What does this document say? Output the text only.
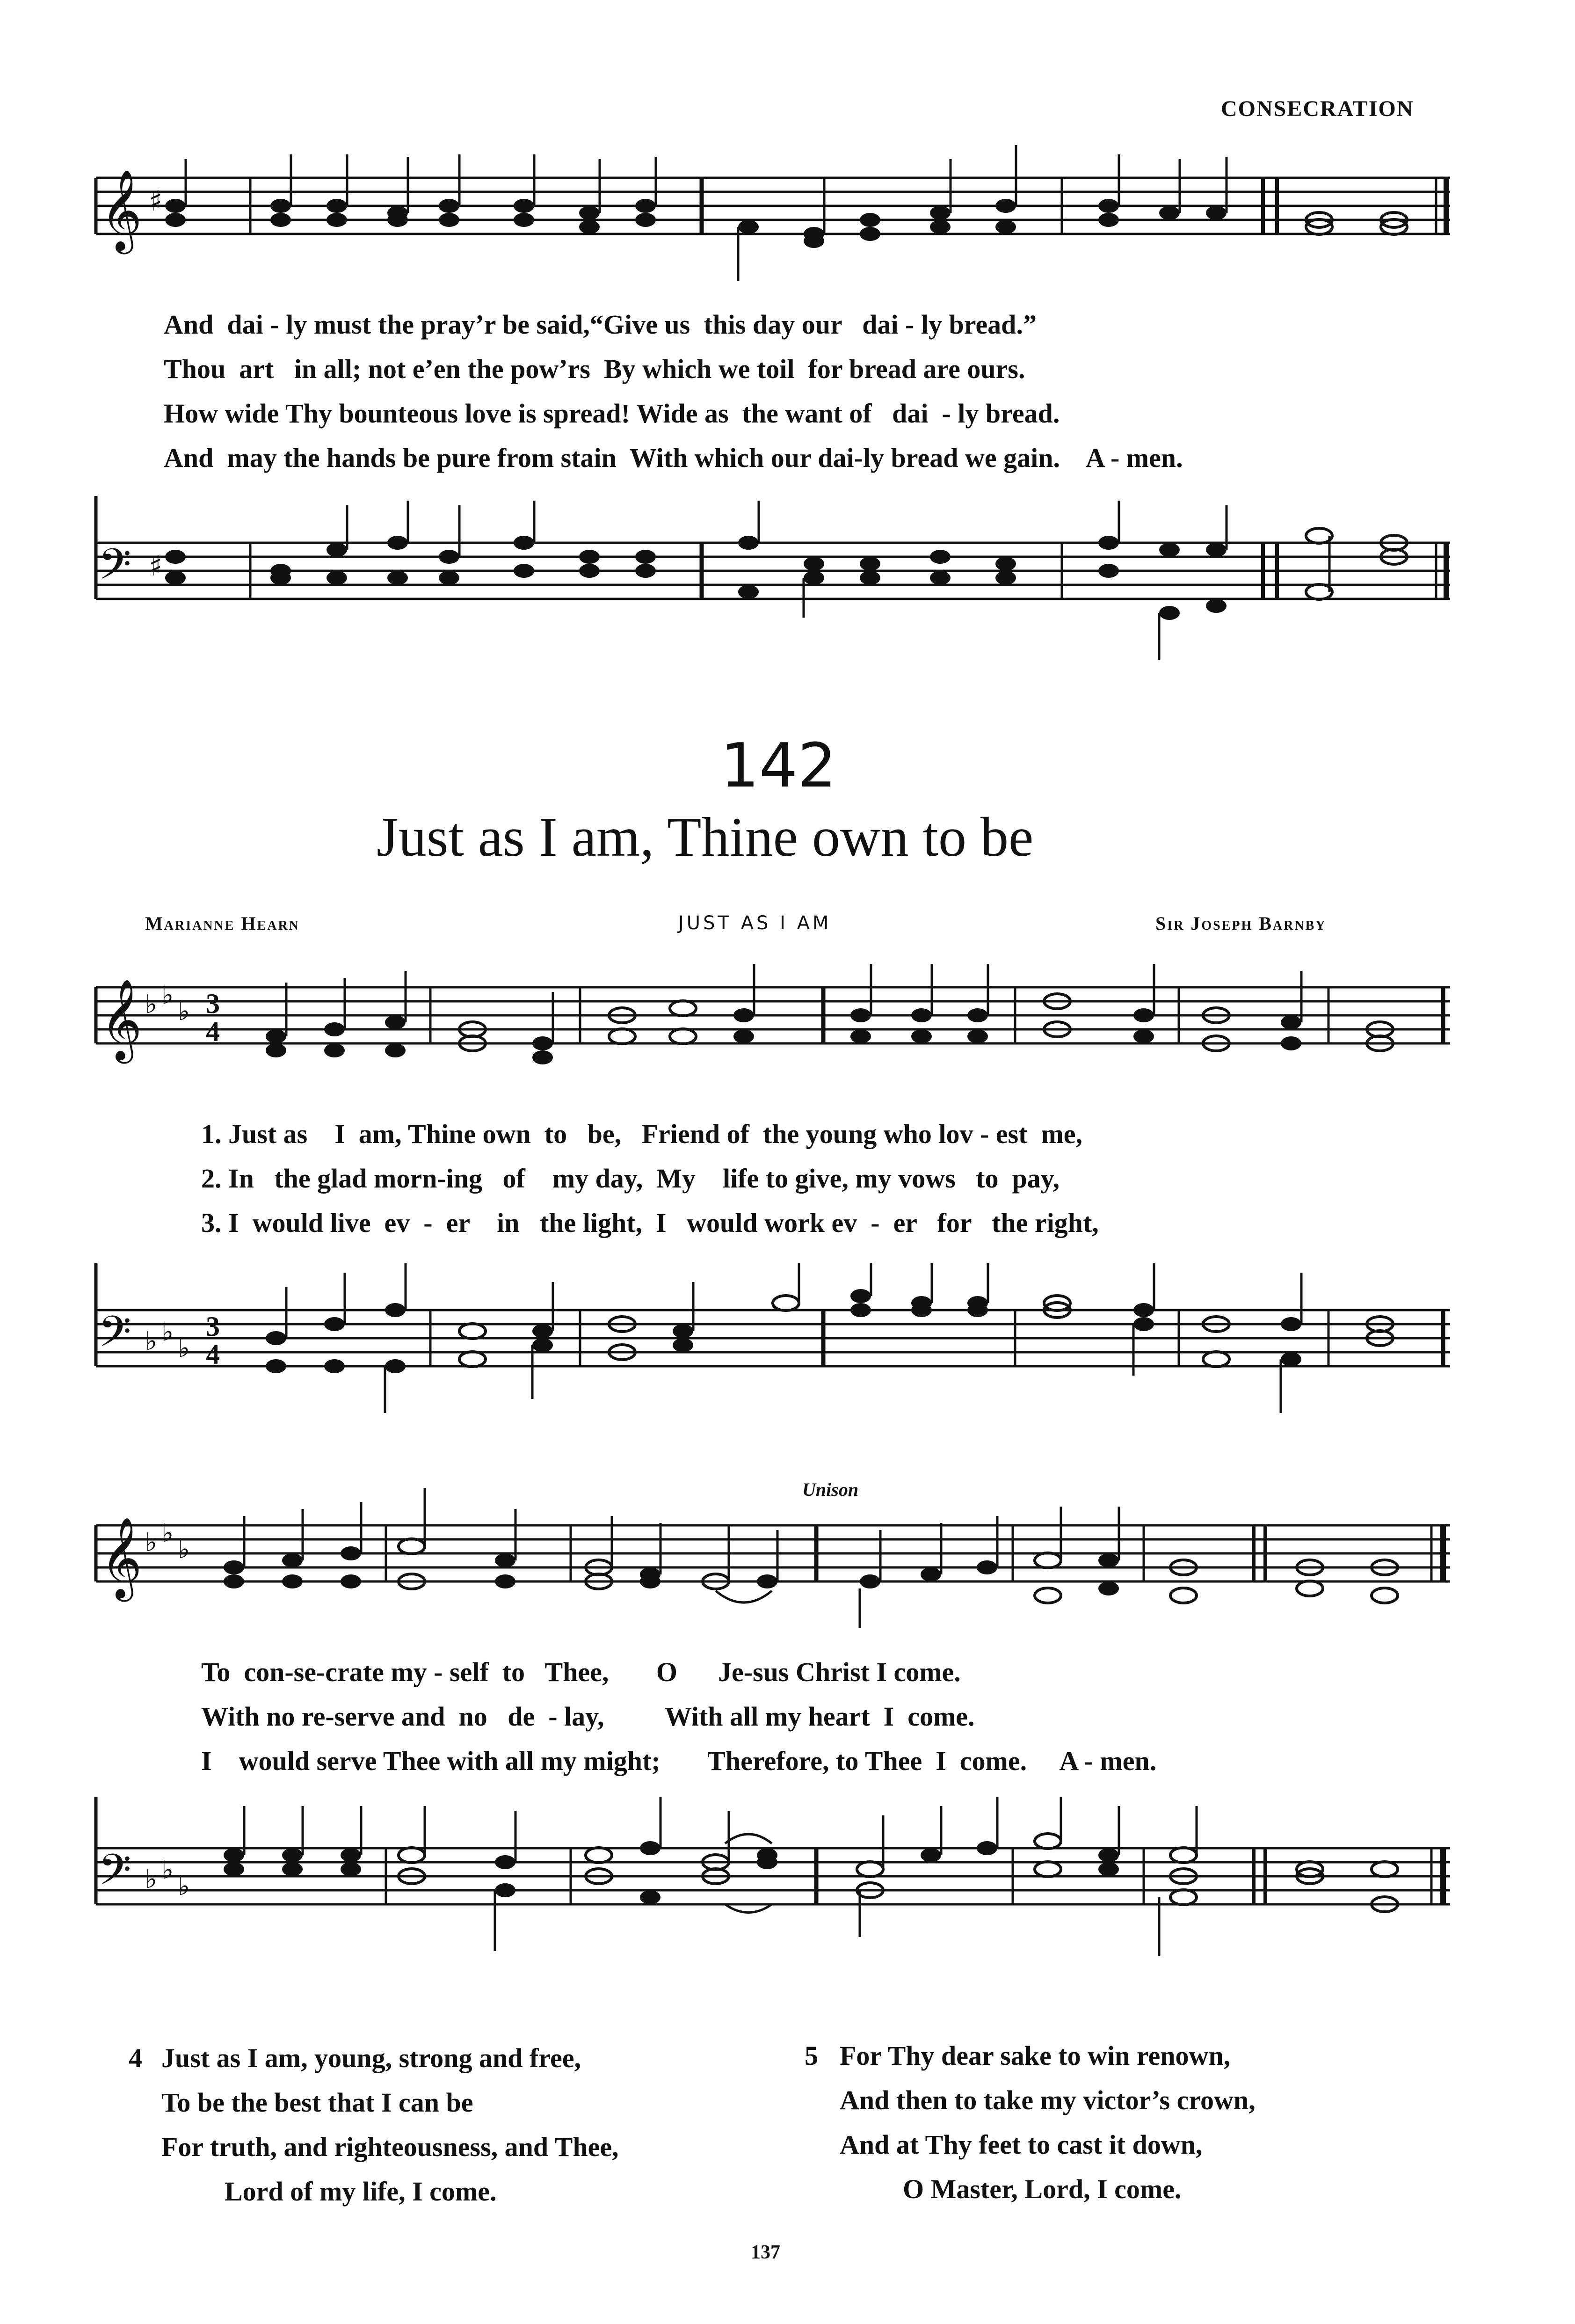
CONSECRATION
𝄞 ♯
And  dai - ly must the pray’r be said,“Give us  this day our   dai - ly bread.”
Thou  art   in all; not e’en the pow’rs  By which we toil  for bread are ours.
How wide Thy bounteous love is spread! Wide as  the want of   dai  - ly bread.
And  may the hands be pure from stain  With which our dai-ly bread we gain.    A - men.
𝄢 ♯
142
Just as I am, Thine own to be
Marianne Hearn	JUST AS I AM	Sir Joseph Barnby
𝄞 ♭ ♭
♭ 3
4
1. Just as    I  am, Thine own  to   be,   Friend of  the young who lov - est  me,
2. In   the glad morn-ing   of    my day,  My    life to give, my vows   to  pay,
3. I  would live  ev  -  er    in   the light,  I   would work ev  -  er   for   the right,
𝄢 ♭ ♭
♭
3
4
Unison
𝄞 ♭ ♭
♭
To  con-se-crate my - self  to   Thee,       O      Je-sus Christ I come.
With no re-serve and  no   de  - lay,         With all my heart  I  come.
I    would serve Thee with all my might;       Therefore, to Thee  I  come.     A - men.
𝄢 ♭ ♭
♭
4 Just as I am, young, strong and free,
To be the best that I can be
For truth, and righteousness, and Thee,
Lord of my life, I come.
5 For Thy dear sake to win renown,
And then to take my victor’s crown,
And at Thy feet to cast it down,
O Master, Lord, I come.
137
